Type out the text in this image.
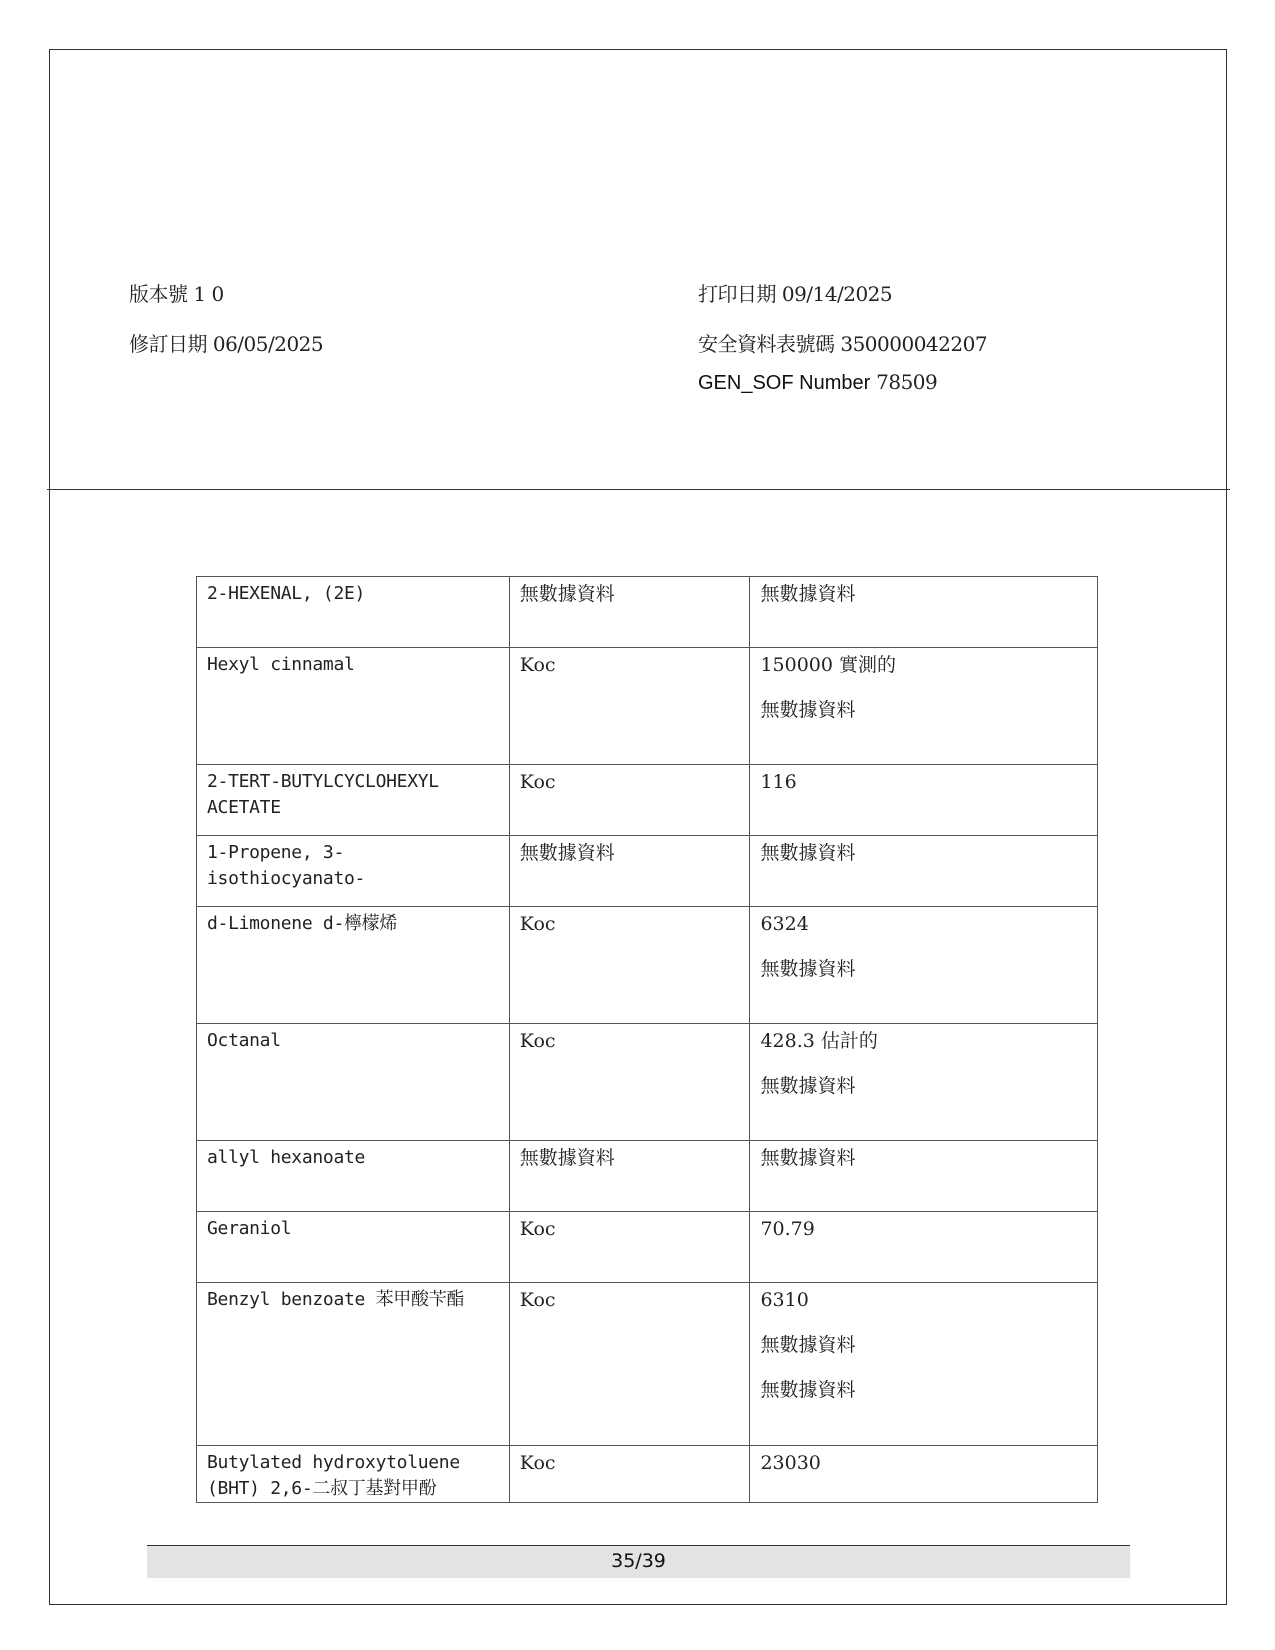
版本號 1 0	打印日期 09/14/2025
修訂日期 06/05/2025	安全資料表號碼 350000042207
GEN_SOF Number 78509
2-HEXENAL, (2E)	無數據資料	無數據資料

Hexyl cinnamal	Koc	150000 實測的
無數據資料

2-TERT-BUTYLCYCLOHEXYL ACETATE	Koc	116

1-Propene, 3-isothiocyanato-	無數據資料	無數據資料

d-Limonene d-檸檬烯	Koc	6324
無數據資料

Octanal	Koc	428.3 估計的
無數據資料

allyl hexanoate	無數據資料	無數據資料

Geraniol	Koc	70.79

Benzyl benzoate 苯甲酸苄酯	Koc	6310
無數據資料
無數據資料

Butylated hydroxytoluene (BHT) 2,6-二叔丁基對甲酚	Koc	23030
35/39
